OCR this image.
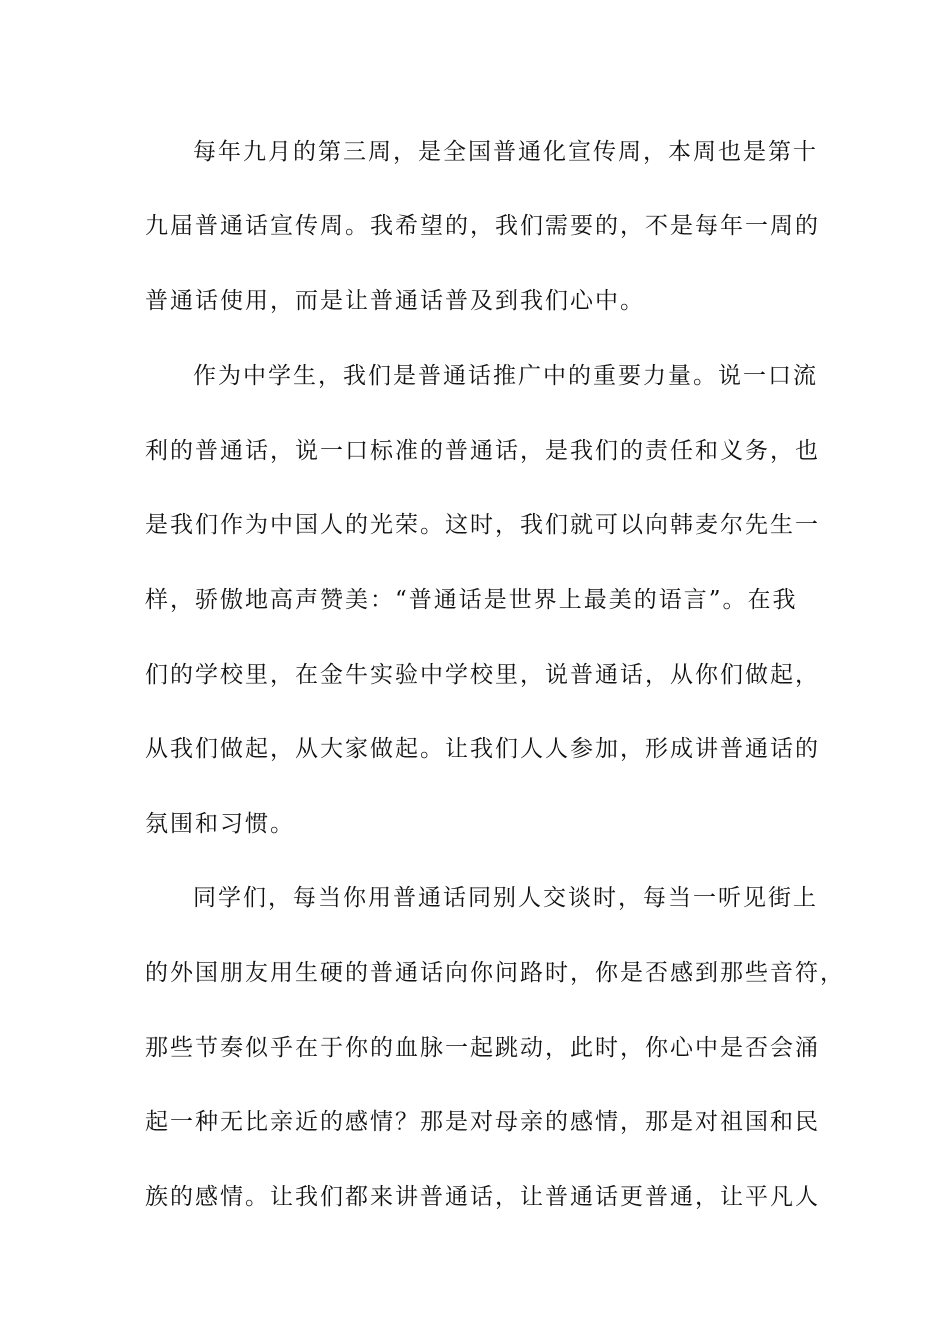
每年九月的第三周，是全国普通化宣传周，本周也是第十
九届普通话宣传周。我希望的，我们需要的，不是每年一周的
普通话使用，而是让普通话普及到我们心中。
作为中学生，我们是普通话推广中的重要力量。说一口流
利的普通话，说一口标准的普通话，是我们的责任和义务，也
是我们作为中国人的光荣。这时，我们就可以向韩麦尔先生一
样，骄傲地高声赞美：“普通话是世界上最美的语言”。在我
们的学校里，在金牛实验中学校里，说普通话，从你们做起，
从我们做起，从大家做起。让我们人人参加，形成讲普通话的
氛围和习惯。
同学们，每当你用普通话同别人交谈时，每当一听见街上
的外国朋友用生硬的普通话向你问路时，你是否感到那些音符，
那些节奏似乎在于你的血脉一起跳动，此时，你心中是否会涌
起一种无比亲近的感情？那是对母亲的感情，那是对祖国和民
族的感情。让我们都来讲普通话，让普通话更普通，让平凡人
